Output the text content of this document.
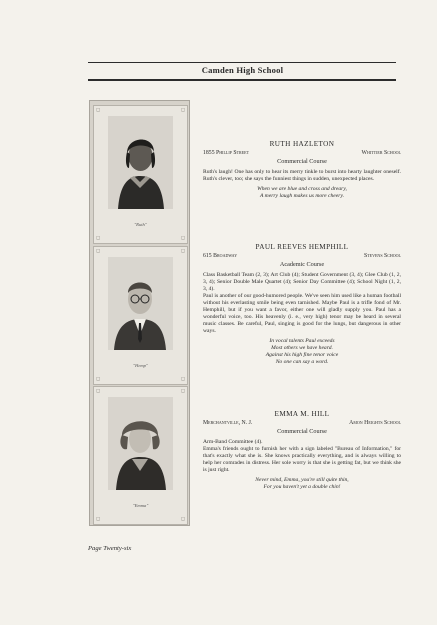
Camden High School
◻	◻
◻	◻
"Ruth"
◻	◻
◻	◻
"Hemp"
◻	◻
◻	◻
"Emma"
RUTH HAZLETON
1855 Phillip Street	Whittier School
Commercial Course

Ruth's laugh! One has only to hear its merry tinkle to burst into hearty laughter oneself. Ruth's clever, too; she says the funniest things in sudden, unexpected places.

When we are blue and cross and dreary,
A merry laugh makes us more cheery.
PAUL REEVES HEMPHILL
615 Broadway	Stevens School
Academic Course

Class Basketball Team (2, 3); Art Club (4); Student Government (3, 4); Glee Club (1, 2, 3, 4); Senior Double Male Quartet (4); Senior Day Committee (4); School Night (1, 2, 3, 4).

Paul is another of our good-humored people. We've seen him used like a human football without his everlasting smile being even tarnished. Maybe Paul is a trifle fond of Mr. Hemphill, but if you want a favor, either one will gladly supply you. Paul has a wonderful voice, too. His heavenly (i. e., very high) tenor may be heard in several music classes. Be careful, Paul, singing is good for the lungs, but dangerous in other ways.

In vocal talents Paul exceeds
Most others we have heard.
Against his high fine tenor voice
No one can say a word.
EMMA M. HILL
Merchantville, N. J.	Amon Heights School
Commercial Course

Arm-Band Committee (4).

Emma's friends ought to furnish her with a sign labeled "Bureau of Information," for that's exactly what she is. She knows practically everything, and is always willing to help her comrades in distress. Her sole worry is that she is getting fat, but we think she is just right.

Never mind, Emma, you're still quite thin,
For you haven't yet a double chin!
Page Twenty-six
